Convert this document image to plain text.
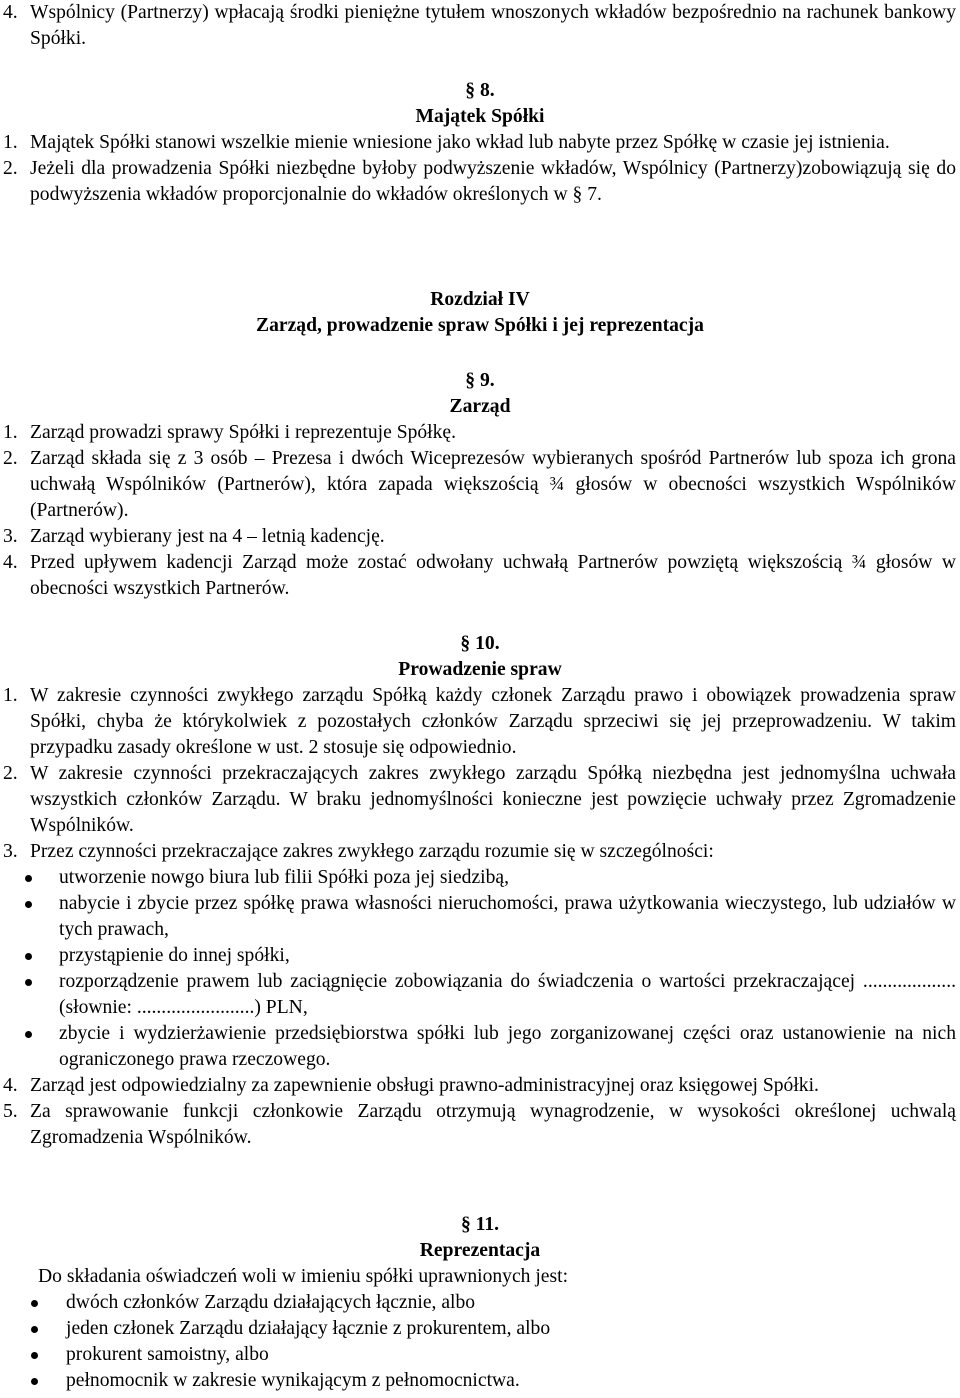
4. Wspólnicy (Partnerzy) wpłacają środki pieniężne tytułem wnoszonych wkładów bezpośrednio na rachunek bankowy Spółki.

§ 8.

Majątek Spółki

1. Majątek Spółki stanowi wszelkie mienie wniesione jako wkład lub nabyte przez Spółkę w czasie jej istnienia.

2. Jeżeli dla prowadzenia Spółki niezbędne byłoby podwyższenie wkładów, Wspólnicy (Partnerzy)zobowiązują się do podwyższenia wkładów proporcjonalnie do wkładów określonych w § 7.

Rozdział IV

Zarząd, prowadzenie spraw Spółki i jej reprezentacja

§ 9.

Zarząd

1. Zarząd prowadzi sprawy Spółki i reprezentuje Spółkę.

2. Zarząd składa się z 3 osób – Prezesa i dwóch Wiceprezesów wybieranych spośród Partnerów lub spoza ich grona uchwałą Wspólników (Partnerów), która zapada większością ¾ głosów w obecności wszystkich Wspólników (Partnerów).

3. Zarząd wybierany jest na 4 – letnią kadencję.

4. Przed upływem kadencji Zarząd może zostać odwołany uchwałą Partnerów powziętą większością ¾ głosów w obecności wszystkich Partnerów.

§ 10.

Prowadzenie spraw

1. W zakresie czynności zwykłego zarządu Spółką każdy członek Zarządu prawo i obowiązek prowadzenia spraw Spółki, chyba że którykolwiek z pozostałych członków Zarządu sprzeciwi się jej przeprowadzeniu. W takim przypadku zasady określone w ust. 2 stosuje się odpowiednio.

2. W zakresie czynności przekraczających zakres zwykłego zarządu Spółką niezbędna jest jednomyślna uchwała wszystkich członków Zarządu. W braku jednomyślności konieczne jest powzięcie uchwały przez Zgromadzenie Wspólników.

3. Przez czynności przekraczające zakres zwykłego zarządu rozumie się w szczególności:

utworzenie nowgo biura lub filii Spółki poza jej siedzibą,
nabycie i zbycie przez spółkę prawa własności nieruchomości, prawa użytkowania wieczystego, lub udziałów w tych prawach,
przystąpienie do innej spółki,
rozporządzenie prawem lub zaciągnięcie zobowiązania do świadczenia o wartości przekraczającej ................... (słownie: ........................) PLN,
zbycie i wydzierżawienie przedsiębiorstwa spółki lub jego zorganizowanej części oraz ustanowienie na nich ograniczonego prawa rzeczowego.

4. Zarząd jest odpowiedzialny za zapewnienie obsługi prawno-administracyjnej oraz księgowej Spółki.

5. Za sprawowanie funkcji członkowie Zarządu otrzymują wynagrodzenie, w wysokości określonej uchwalą Zgromadzenia Wspólników.

§ 11.

Reprezentacja

Do składania oświadczeń woli w imieniu spółki uprawnionych jest:

dwóch członków Zarządu działających łącznie, albo
jeden członek Zarządu działający łącznie z prokurentem, albo
prokurent samoistny, albo
pełnomocnik w zakresie wynikającym z pełnomocnictwa.
